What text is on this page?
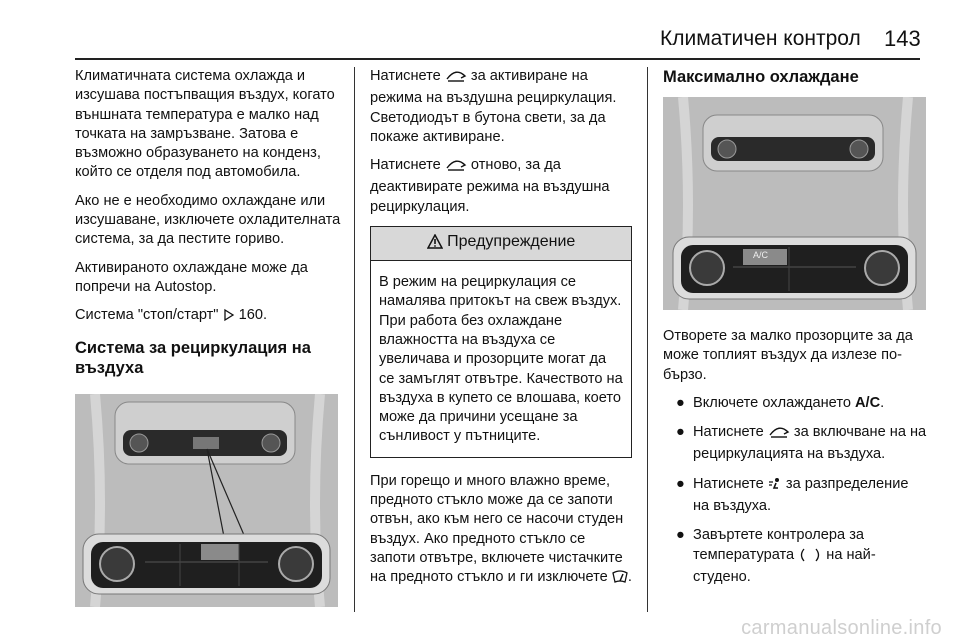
Климатичен контрол 143

Климатичната система охлажда и изсушава постъпващия въздух, когато външната температура е малко над точката на замръзване. Затова е възможно образуването на конденз, който се отделя под автомобила.

Ако не е необходимо охлаждане или изсушаване, изключете охладителната система, за да пестите гориво.

Активираното охлаждане може да попречи на Autostop.

Система "стоп/старт" 160.

Система за рециркулация на въздуха

Натиснете за активиране на режима на въздушна рециркулация. Светодиодът в бутона свети, за да покаже активиране.

Натиснете отново, за да деактивирате режима на въздушна рециркулация.

Предупреждение

В режим на рециркулация се намалява притокът на свеж въздух. При работа без охлаждане влажността на въздуха се увеличава и прозорците могат да се замъглят отвътре. Качеството на въздуха в купето се влошава, което може да причини усещане за сънливост у пътниците.

При горещо и много влажно време, предното стъкло може да се запоти отвън, ако към него се насочи студен въздух. Ако предното стъкло се запоти отвътре, включете чистачките на предното стъкло и ги изключете .

Максимално охлаждане
A/C

Отворете за малко прозорците за да може топлият въздух да излезе по-бързо.

● Включете охлаждането A/C.
● Натиснете за включване на на рециркулацията на въздуха.
● Натиснете за разпределение на въздуха.
● Завъртете контролера за температурата на най-студено.
carmanualsonline.info
